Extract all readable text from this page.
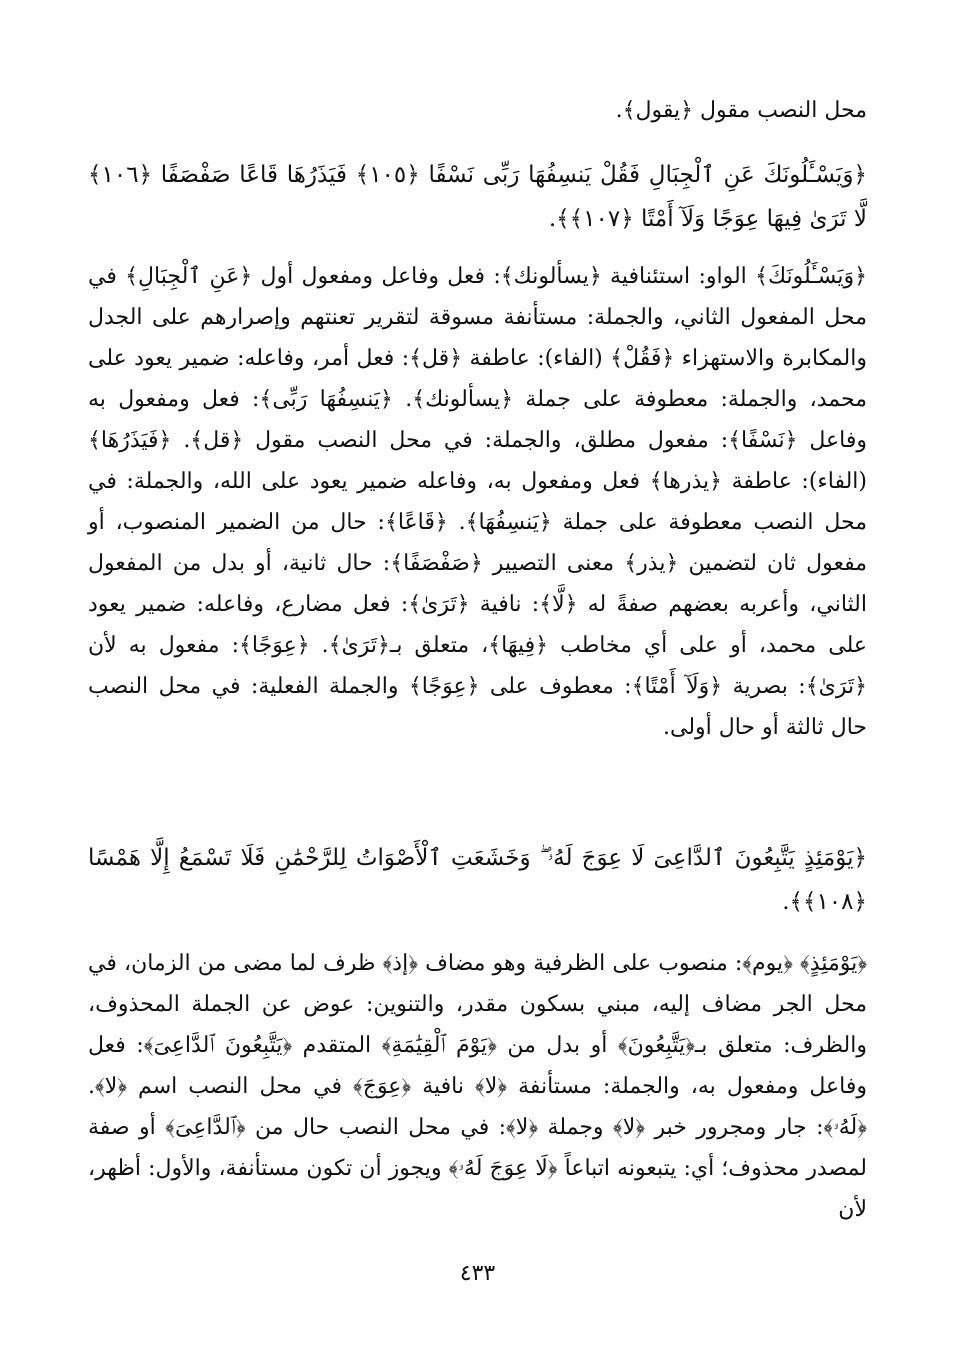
محل النصب مقول ﴿يقول﴾.

﴿وَيَسْـَٔلُونَكَ عَنِ ٱلْجِبَالِ فَقُلْ يَنسِفُهَا رَبِّى نَسْفًا ﴿١٠٥﴾ فَيَذَرُهَا قَاعًا صَفْصَفًا ﴿١٠٦﴾ لَّا تَرَىٰ فِيهَا عِوَجًا وَلَآ أَمْتًا ﴿١٠٧﴾﴾.

﴿وَيَسْـَٔلُونَكَ﴾ الواو: استئنافية ﴿يسألونك﴾: فعل وفاعل ومفعول أول ﴿عَنِ ٱلْجِبَالِ﴾ في محل المفعول الثاني، والجملة: مستأنفة مسوقة لتقرير تعنتهم وإصرارهم على الجدل والمكابرة والاستهزاء ﴿فَقُلْ﴾ (الفاء): عاطفة ﴿قل﴾: فعل أمر، وفاعله: ضمير يعود على محمد، والجملة: معطوفة على جملة ﴿يسألونك﴾. ﴿يَنسِفُهَا رَبِّى﴾: فعل ومفعول به وفاعل ﴿نَسْفًا﴾: مفعول مطلق، والجملة: في محل النصب مقول ﴿قل﴾. ﴿فَيَذَرُهَا﴾ (الفاء): عاطفة ﴿يذرها﴾ فعل ومفعول به، وفاعله ضمير يعود على الله، والجملة: في محل النصب معطوفة على جملة ﴿يَنسِفُهَا﴾. ﴿قَاعًا﴾: حال من الضمير المنصوب، أو مفعول ثان لتضمين ﴿يذر﴾ معنى التصيير ﴿صَفْصَفًا﴾: حال ثانية، أو بدل من المفعول الثاني، وأعربه بعضهم صفةً له ﴿لَّا﴾: نافية ﴿تَرَىٰ﴾: فعل مضارع، وفاعله: ضمير يعود على محمد، أو على أي مخاطب ﴿فِيهَا﴾، متعلق بـ﴿تَرَىٰ﴾. ﴿عِوَجًا﴾: مفعول به لأن ﴿تَرَىٰ﴾: بصرية ﴿وَلَآ أَمْتًا﴾: معطوف على ﴿عِوَجًا﴾ والجملة الفعلية: في محل النصب حال ثالثة أو حال أولى.

﴿يَوْمَئِذٍ يَتَّبِعُونَ ٱلدَّاعِىَ لَا عِوَجَ لَهُۥ ۖ وَخَشَعَتِ ٱلْأَصْوَاتُ لِلرَّحْمَٰنِ فَلَا تَسْمَعُ إِلَّا هَمْسًا ﴿١٠٨﴾﴾.

﴿يَوْمَئِذٍ﴾ ﴿يوم﴾: منصوب على الظرفية وهو مضاف ﴿إذ﴾ ظرف لما مضى من الزمان، في محل الجر مضاف إليه، مبني بسكون مقدر، والتنوين: عوض عن الجملة المحذوف، والظرف: متعلق بـ﴿يَتَّبِعُونَ﴾ أو بدل من ﴿يَوْمَ ٱلْقِيَٰمَةِ﴾ المتقدم ﴿يَتَّبِعُونَ ٱلدَّاعِىَ﴾: فعل وفاعل ومفعول به، والجملة: مستأنفة ﴿لا﴾ نافية ﴿عِوَجَ﴾ في محل النصب اسم ﴿لا﴾. ﴿لَهُۥ﴾: جار ومجرور خبر ﴿لا﴾ وجملة ﴿لا﴾: في محل النصب حال من ﴿ٱلدَّاعِىَ﴾ أو صفة لمصدر محذوف؛ أي: يتبعونه اتباعاً ﴿لَا عِوَجَ لَهُۥ﴾ ويجوز أن تكون مستأنفة، والأول: أظهر، لأن

٤٣٣
